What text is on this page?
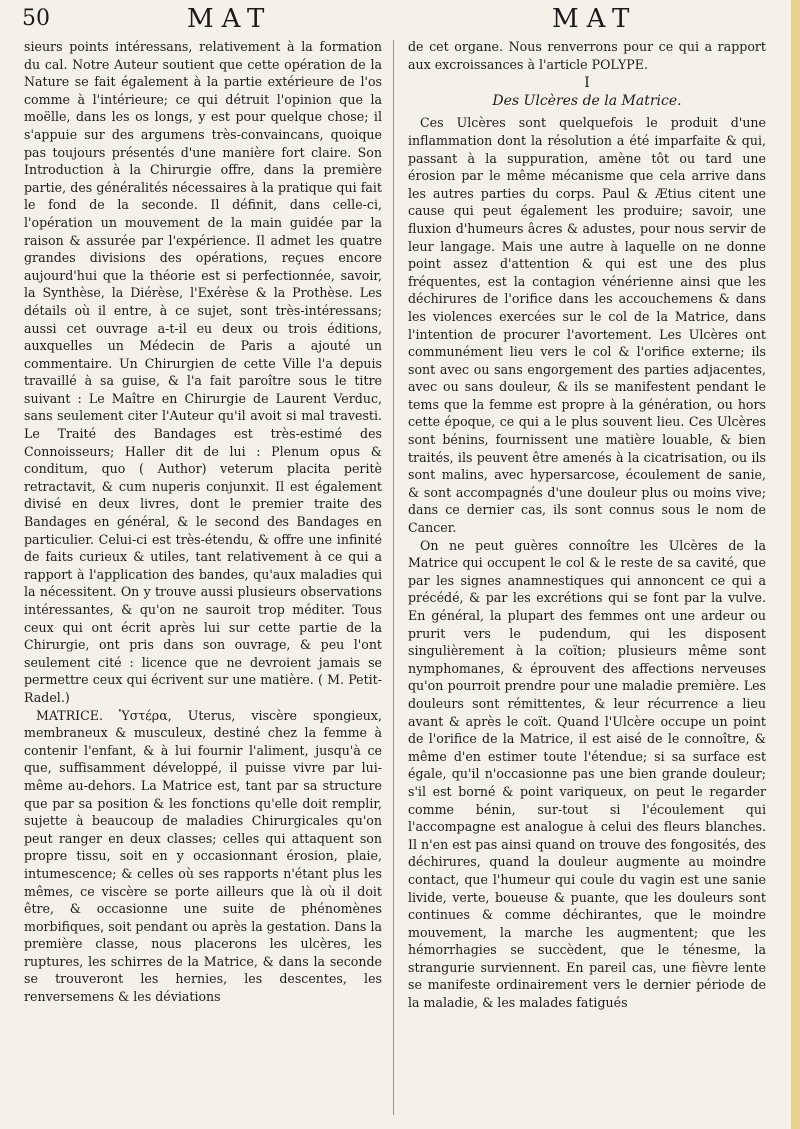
50	MAT	MAT

sieurs points intéressans, relativement à la formation du cal. Notre Auteur soutient que cette opération de la Nature se fait également à la partie extérieure de l'os comme à l'intérieure; ce qui détruit l'opinion que la moëlle, dans les os longs, y est pour quelque chose; il s'appuie sur des argumens très-convaincans, quoique pas toujours présentés d'une manière fort claire. Son Introduction à la Chirurgie offre, dans la première partie, des généralités nécessaires à la pratique qui fait le fond de la seconde. Il définit, dans celle-ci, l'opération un mouvement de la main guidée par la raison & assurée par l'expérience. Il admet les quatre grandes divisions des opérations, reçues encore aujourd'hui que la théorie est si perfectionnée, savoir, la Synthèse, la Diérèse, l'Exérèse & la Prothèse. Les détails où il entre, à ce sujet, sont très-intéressans; aussi cet ouvrage a-t-il eu deux ou trois éditions, auxquelles un Médecin de Paris a ajouté un commentaire. Un Chirurgien de cette Ville l'a depuis travaillé à sa guise, & l'a fait paroître sous le titre suivant : Le Maître en Chirurgie de Laurent Verduc, sans seulement citer l'Auteur qu'il avoit si mal travesti. Le Traité des Bandages est très-estimé des Connoisseurs; Haller dit de lui : Plenum opus & conditum, quo ( Author) veterum placita peritè retractavit, & cum nuperis conjunxit. Il est également divisé en deux livres, dont le premier traite des Bandages en général, & le second des Bandages en particulier. Celui-ci est très-étendu, & offre une infinité de faits curieux & utiles, tant relativement à ce qui a rapport à l'application des bandes, qu'aux maladies qui la nécessitent. On y trouve aussi plusieurs observations intéressantes, & qu'on ne sauroit trop méditer. Tous ceux qui ont écrit après lui sur cette partie de la Chirurgie, ont pris dans son ouvrage, & peu l'ont seulement cité : licence que ne devroient jamais se permettre ceux qui écrivent sur une matière. ( M. Petit-Radel.)

MATRICE. Ὑστέρα, Uterus, viscère spongieux, membraneux & musculeux, destiné chez la femme à contenir l'enfant, & à lui fournir l'aliment, jusqu'à ce que, suffisamment développé, il puisse vivre par lui-même au-dehors. La Matrice est, tant par sa structure que par sa position & les fonctions qu'elle doit remplir, sujette à beaucoup de maladies Chirurgicales qu'on peut ranger en deux classes; celles qui attaquent son propre tissu, soit en y occasionnant érosion, plaie, intumescence; & celles où ses rapports n'étant plus les mêmes, ce viscère se porte ailleurs que là où il doit être, & occasionne une suite de phénomènes morbifiques, soit pendant ou après la gestation. Dans la première classe, nous placerons les ulcères, les ruptures, les schirres de la Matrice, & dans la seconde se trouveront les hernies, les descentes, les renversemens & les déviations

de cet organe. Nous renverrons pour ce qui a rapport aux excroissances à l'article POLYPE.

I
Des Ulcères de la Matrice.

Ces Ulcères sont quelquefois le produit d'une inflammation dont la résolution a été imparfaite & qui, passant à la suppuration, amène tôt ou tard une érosion par le même mécanisme que cela arrive dans les autres parties du corps. Paul & Ætius citent une cause qui peut également les produire; savoir, une fluxion d'humeurs âcres & adustes, pour nous servir de leur langage. Mais une autre à laquelle on ne donne point assez d'attention & qui est une des plus fréquentes, est la contagion vénérienne ainsi que les déchirures de l'orifice dans les accouchemens & dans les violences exercées sur le col de la Matrice, dans l'intention de procurer l'avortement. Les Ulcères ont communément lieu vers le col & l'orifice externe; ils sont avec ou sans engorgement des parties adjacentes, avec ou sans douleur, & ils se manifestent pendant le tems que la femme est propre à la génération, ou hors cette époque, ce qui a le plus souvent lieu. Ces Ulcères sont bénins, fournissent une matière louable, & bien traités, ils peuvent être amenés à la cicatrisation, ou ils sont malins, avec hypersarcose, écoulement de sanie, & sont accompagnés d'une douleur plus ou moins vive; dans ce dernier cas, ils sont connus sous le nom de Cancer.

On ne peut guères connoître les Ulcères de la Matrice qui occupent le col & le reste de sa cavité, que par les signes anamnestiques qui annoncent ce qui a précédé, & par les excrétions qui se font par la vulve. En général, la plupart des femmes ont une ardeur ou prurit vers le pudendum, qui les disposent singulièrement à la coïtion; plusieurs même sont nymphomanes, & éprouvent des affections nerveuses qu'on pourroit prendre pour une maladie première. Les douleurs sont rémittentes, & leur récurrence a lieu avant & après le coït. Quand l'Ulcère occupe un point de l'orifice de la Matrice, il est aisé de le connoître, & même d'en estimer toute l'étendue; si sa surface est égale, qu'il n'occasionne pas une bien grande douleur; s'il est borné & point variqueux, on peut le regarder comme bénin, sur-tout si l'écoulement qui l'accompagne est analogue à celui des fleurs blanches. Il n'en est pas ainsi quand on trouve des fongosités, des déchirures, quand la douleur augmente au moindre contact, que l'humeur qui coule du vagin est une sanie livide, verte, boueuse & puante, que les douleurs sont continues & comme déchirantes, que le moindre mouvement, la marche les augmentent; que les hémorrhagies se succèdent, que le ténesme, la strangurie surviennent. En pareil cas, une fièvre lente se manifeste ordinairement vers le dernier période de la maladie, & les malades fatigués
